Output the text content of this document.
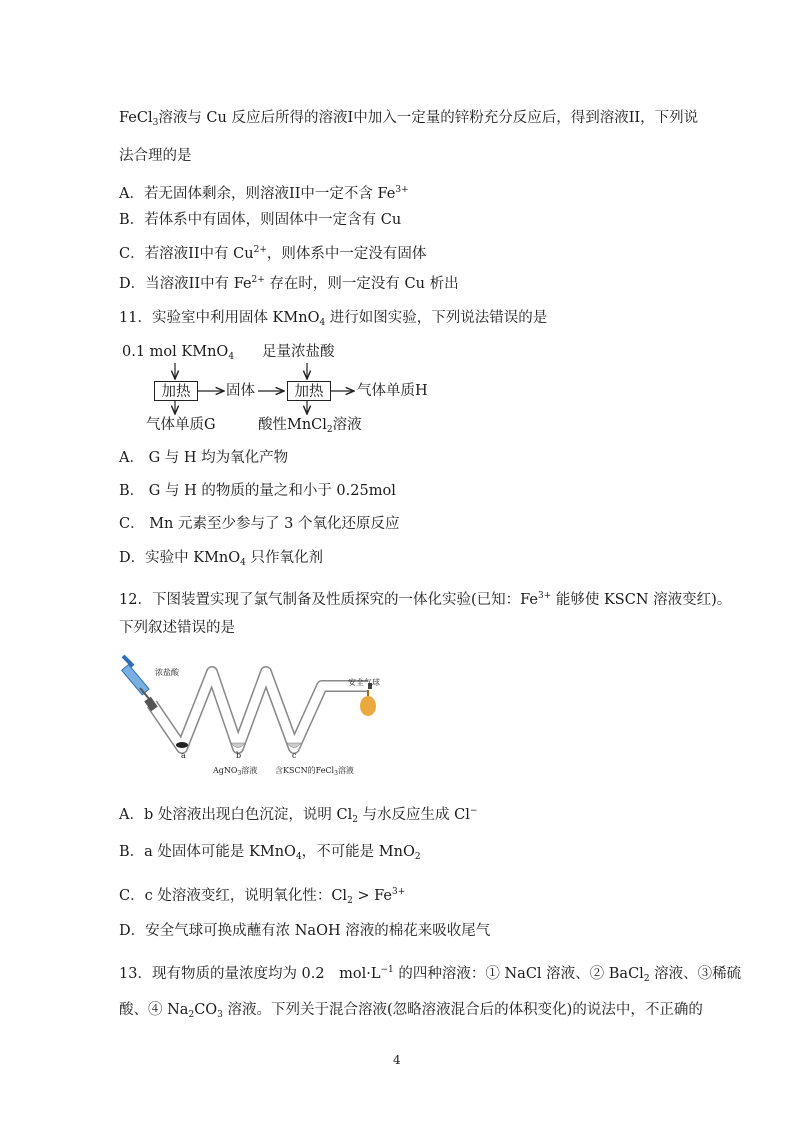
FeCl$_3$溶液与 Cu 反应后所得的溶液I中加入一定量的锌粉充分反应后，得到溶液II，下列说
法合理的是
A．若无固体剩余，则溶液II中一定不含 $Fe^{3+}$
B．若体系中有固体，则固体中一定含有 Cu
C．若溶液II中有 $Cu^{2+}$，则体系中一定没有固体
D．当溶液II中有 $Fe^{2+}$ 存在时，则一定没有 Cu 析出
11．实验室中利用固体 KMnO$_4$ 进行如图实验，下列说法错误的是
0.1 mol KMnO$_4$ 足量浓盐酸
加热	固体	加热	气体单质H
气体单质G	酸性MnCl$_2$溶液
A． G 与 H 均为氧化产物
B． G 与 H 的物质的量之和小于 0.25mol
C． Mn 元素至少参与了 3 个氧化还原反应
D．实验中 KMnO$_4$ 只作氧化剂
12．下图装置实现了氯气制备及性质探究的一体化实验(已知：$Fe^{3+}$ 能够使 KSCN 溶液变红)。
下列叙述错误的是
浓盐酸
安全气球
a	b	c
AgNO$_3$溶液 含KSCN的FeCl$_3$溶液
A．b 处溶液出现白色沉淀，说明 $Cl_2$ 与水反应生成 Cl−
B．a 处固体可能是 KMnO$_4$，不可能是 MnO$_2$
C．c 处溶液变红，说明氧化性：$Cl_2 > Fe^{3+}$
D．安全气球可换成蘸有浓 NaOH 溶液的棉花来吸收尾气
13．现有物质的量浓度均为 0.2　$mol\cdot L^{-1}$ 的四种溶液：① NaCl 溶液、② BaCl$_2$ 溶液、③稀硫
酸、④ $Na_2CO_3$ 溶液。下列关于混合溶液(忽略溶液混合后的体积变化)的说法中，不正确的
4
